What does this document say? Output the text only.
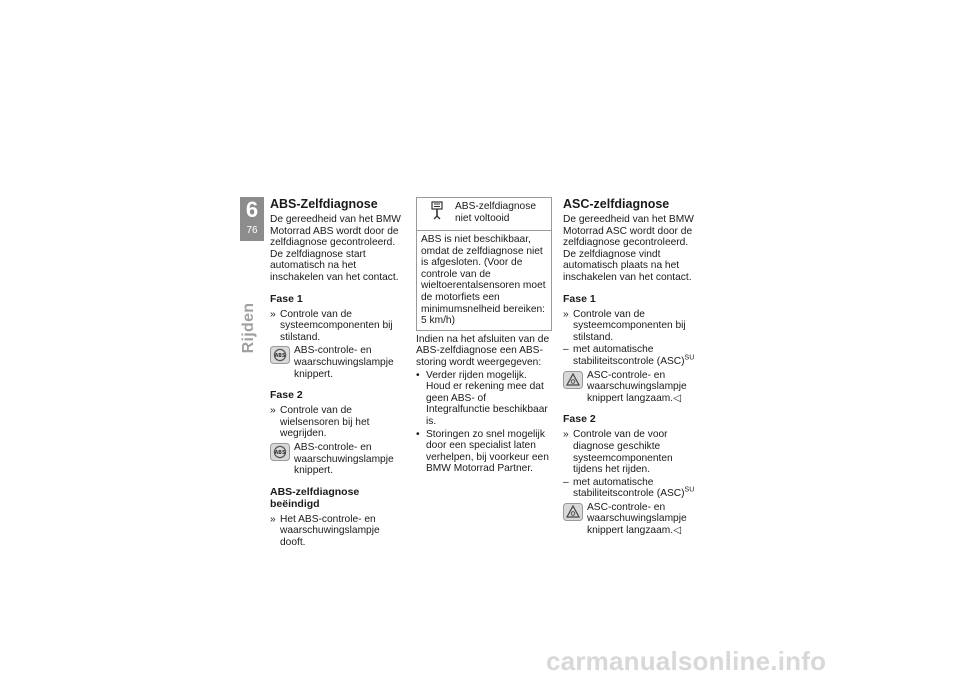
6
76
Rijden
ABS-Zelfdiagnose

De gereedheid van het BMW Motorrad ABS wordt door de zelfdiagnose gecontroleerd. De zelfdiagnose start automatisch na het inschakelen van het contact.

Fase 1
» Controle van de systeemcomponenten bij stilstand.
ABS
ABS-controle- en waarschuwingslampje knippert.
Fase 2
» Controle van de wielsensoren bij het wegrijden.
ABS
ABS-controle- en waarschuwingslampje knippert.
ABS-zelfdiagnose beëindigd
» Het ABS-controle- en waarschuwingslampje dooft.
ABS-zelfdiagnose niet voltooid
ABS is niet beschikbaar, omdat de zelfdiagnose niet is afgesloten. (Voor de controle van de wieltoerentalsensoren moet de motorfiets een minimumsnelheid bereiken: 5 km/h)

Indien na het afsluiten van de ABS-zelfdiagnose een ABS-storing wordt weergegeven:

• Verder rijden mogelijk. Houd er rekening mee dat geen ABS- of Integralfunctie beschikbaar is.
• Storingen zo snel mogelijk door een specialist laten verhelpen, bij voorkeur een BMW Motorrad Partner.
ASC-zelfdiagnose

De gereedheid van het BMW Motorrad ASC wordt door de zelfdiagnose gecontroleerd. De zelfdiagnose vindt automatisch plaats na het inschakelen van het contact.

Fase 1
» Controle van de systeemcomponenten bij stilstand.
– met automatische stabiliteitscontrole (ASC)$^{SU}$
ASC-controle- en waarschuwingslampje knippert langzaam.◁
Fase 2
» Controle van de voor diagnose geschikte systeemcomponenten tijdens het rijden.
– met automatische stabiliteitscontrole (ASC)$^{SU}$
ASC-controle- en waarschuwingslampje knippert langzaam.◁
carmanualsonline.info
